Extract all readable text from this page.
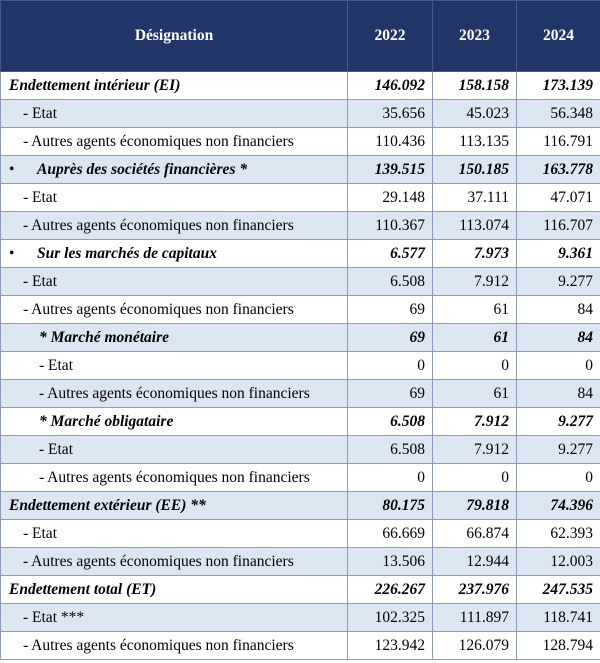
Désignation	2022	2023	2024
Endettement intérieur (EI)	146.092	158.158	173.139
- Etat	35.656	45.023	56.348
- Autres agents économiques non financiers	110.436	113.135	116.791
• Auprès des sociétés financières *	139.515	150.185	163.778
- Etat	29.148	37.111	47.071
- Autres agents économiques non financiers	110.367	113.074	116.707
• Sur les marchés de capitaux	6.577	7.973	9.361
- Etat	6.508	7.912	9.277
- Autres agents économiques non financiers	69	61	84
* Marché monétaire	69	61	84
- Etat	0	0	0
- Autres agents économiques non financiers	69	61	84
* Marché obligataire	6.508	7.912	9.277
- Etat	6.508	7.912	9.277
- Autres agents économiques non financiers	0	0	0
Endettement extérieur (EE) **	80.175	79.818	74.396
- Etat	66.669	66.874	62.393
- Autres agents économiques non financiers	13.506	12.944	12.003
Endettement total (ET)	226.267	237.976	247.535
- Etat ***	102.325	111.897	118.741
- Autres agents économiques non financiers	123.942	126.079	128.794
